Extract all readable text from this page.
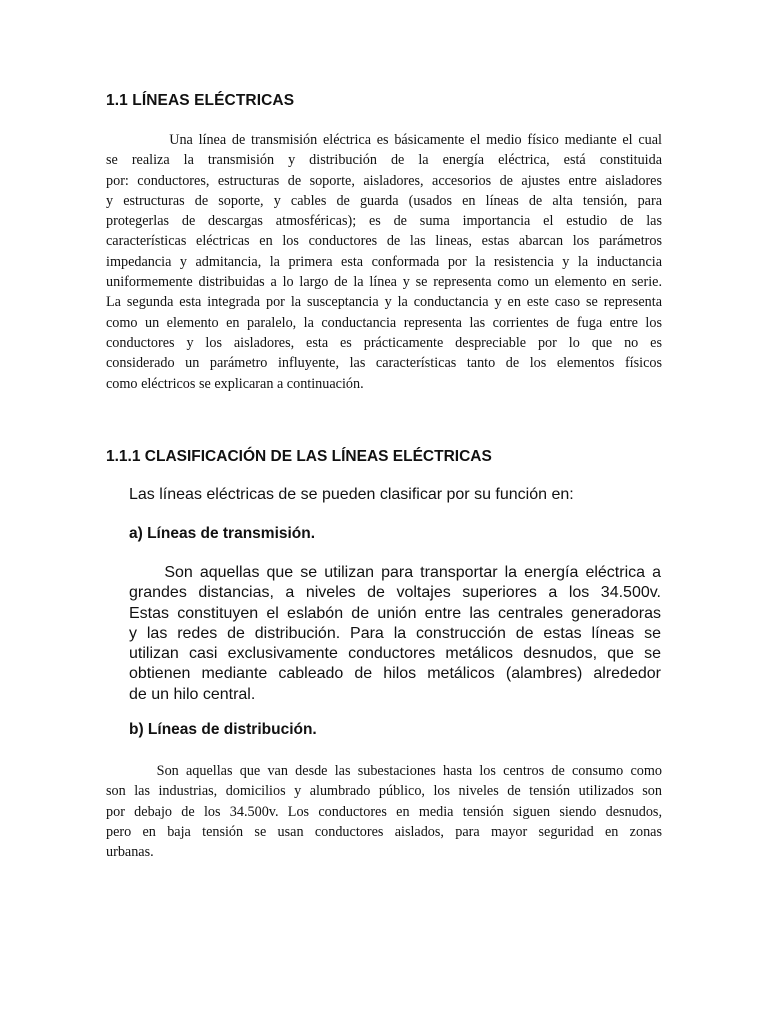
1.1 LÍNEAS ELÉCTRICAS
Una línea de transmisión eléctrica es básicamente el medio físico mediante el cual
se realiza la transmisión y distribución de la energía eléctrica, está constituida
por: conductores, estructuras de soporte, aisladores, accesorios de ajustes entre aisladores
y estructuras de soporte, y cables de guarda (usados en líneas de alta tensión, para
protegerlas de descargas atmosféricas); es de suma importancia el estudio de las
características eléctricas en los conductores de las lineas, estas abarcan los parámetros
impedancia y admitancia, la primera esta conformada por la resistencia y la inductancia
uniformemente distribuidas a lo largo de la línea y se representa como un elemento en serie.
La segunda esta integrada por la susceptancia y la conductancia y en este caso se representa
como un elemento en paralelo, la conductancia representa las corrientes de fuga entre los
conductores y los aisladores, esta es prácticamente despreciable por lo que no es
considerado un parámetro influyente, las características tanto de los elementos físicos
como eléctricos se explicaran a continuación.
1.1.1 CLASIFICACIÓN DE LAS LÍNEAS ELÉCTRICAS
Las líneas eléctricas de se pueden clasificar por su función en:
a) Líneas de transmisión.
Son aquellas que se utilizan para transportar la energía eléctrica a
grandes distancias, a niveles de voltajes superiores a los 34.500v.
Estas constituyen el eslabón de unión entre las centrales generadoras
y las redes de distribución. Para la construcción de estas líneas se
utilizan casi exclusivamente conductores metálicos desnudos, que se
obtienen mediante cableado de hilos metálicos (alambres) alrededor
de un hilo central.
b) Líneas de distribución.
Son aquellas que van desde las subestaciones hasta los centros de consumo como
son las industrias, domicilios y alumbrado público, los niveles de tensión utilizados son
por debajo de los 34.500v. Los conductores en media tensión siguen siendo desnudos,
pero en baja tensión se usan conductores aislados, para mayor seguridad en zonas
urbanas.
